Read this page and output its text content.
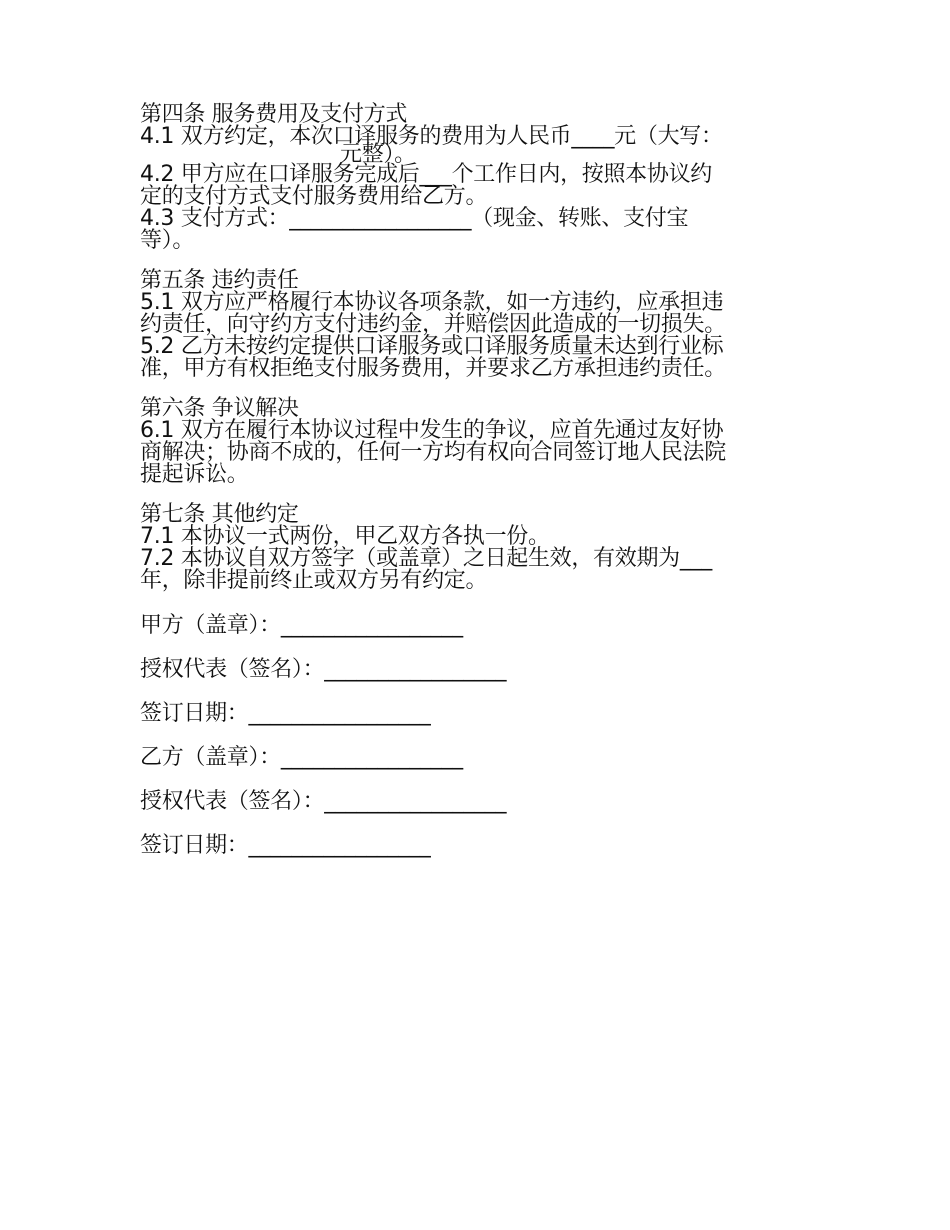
第四条 服务费用及支付方式

4.1 双方约定，本次口译服务的费用为人民币____元（大写：
元整）。

4.2 甲方应在口译服务完成后___个工作日内，按照本协议约
定的支付方式支付服务费用给乙方。

4.3 支付方式：_________________（现金、转账、支付宝
等）。

第五条 违约责任

5.1 双方应严格履行本协议各项条款，如一方违约，应承担违
约责任，向守约方支付违约金，并赔偿因此造成的一切损失。

5.2 乙方未按约定提供口译服务或口译服务质量未达到行业标
准，甲方有权拒绝支付服务费用，并要求乙方承担违约责任。

第六条 争议解决

6.1 双方在履行本协议过程中发生的争议，应首先通过友好协
商解决；协商不成的，任何一方均有权向合同签订地人民法院
提起诉讼。

第七条 其他约定

7.1 本协议一式两份，甲乙双方各执一份。

7.2 本协议自双方签字（或盖章）之日起生效，有效期为___
年，除非提前终止或双方另有约定。

甲方（盖章）：_________________
授权代表（签名）：_________________
签订日期：_________________
乙方（盖章）：_________________
授权代表（签名）：_________________
签订日期：_________________
